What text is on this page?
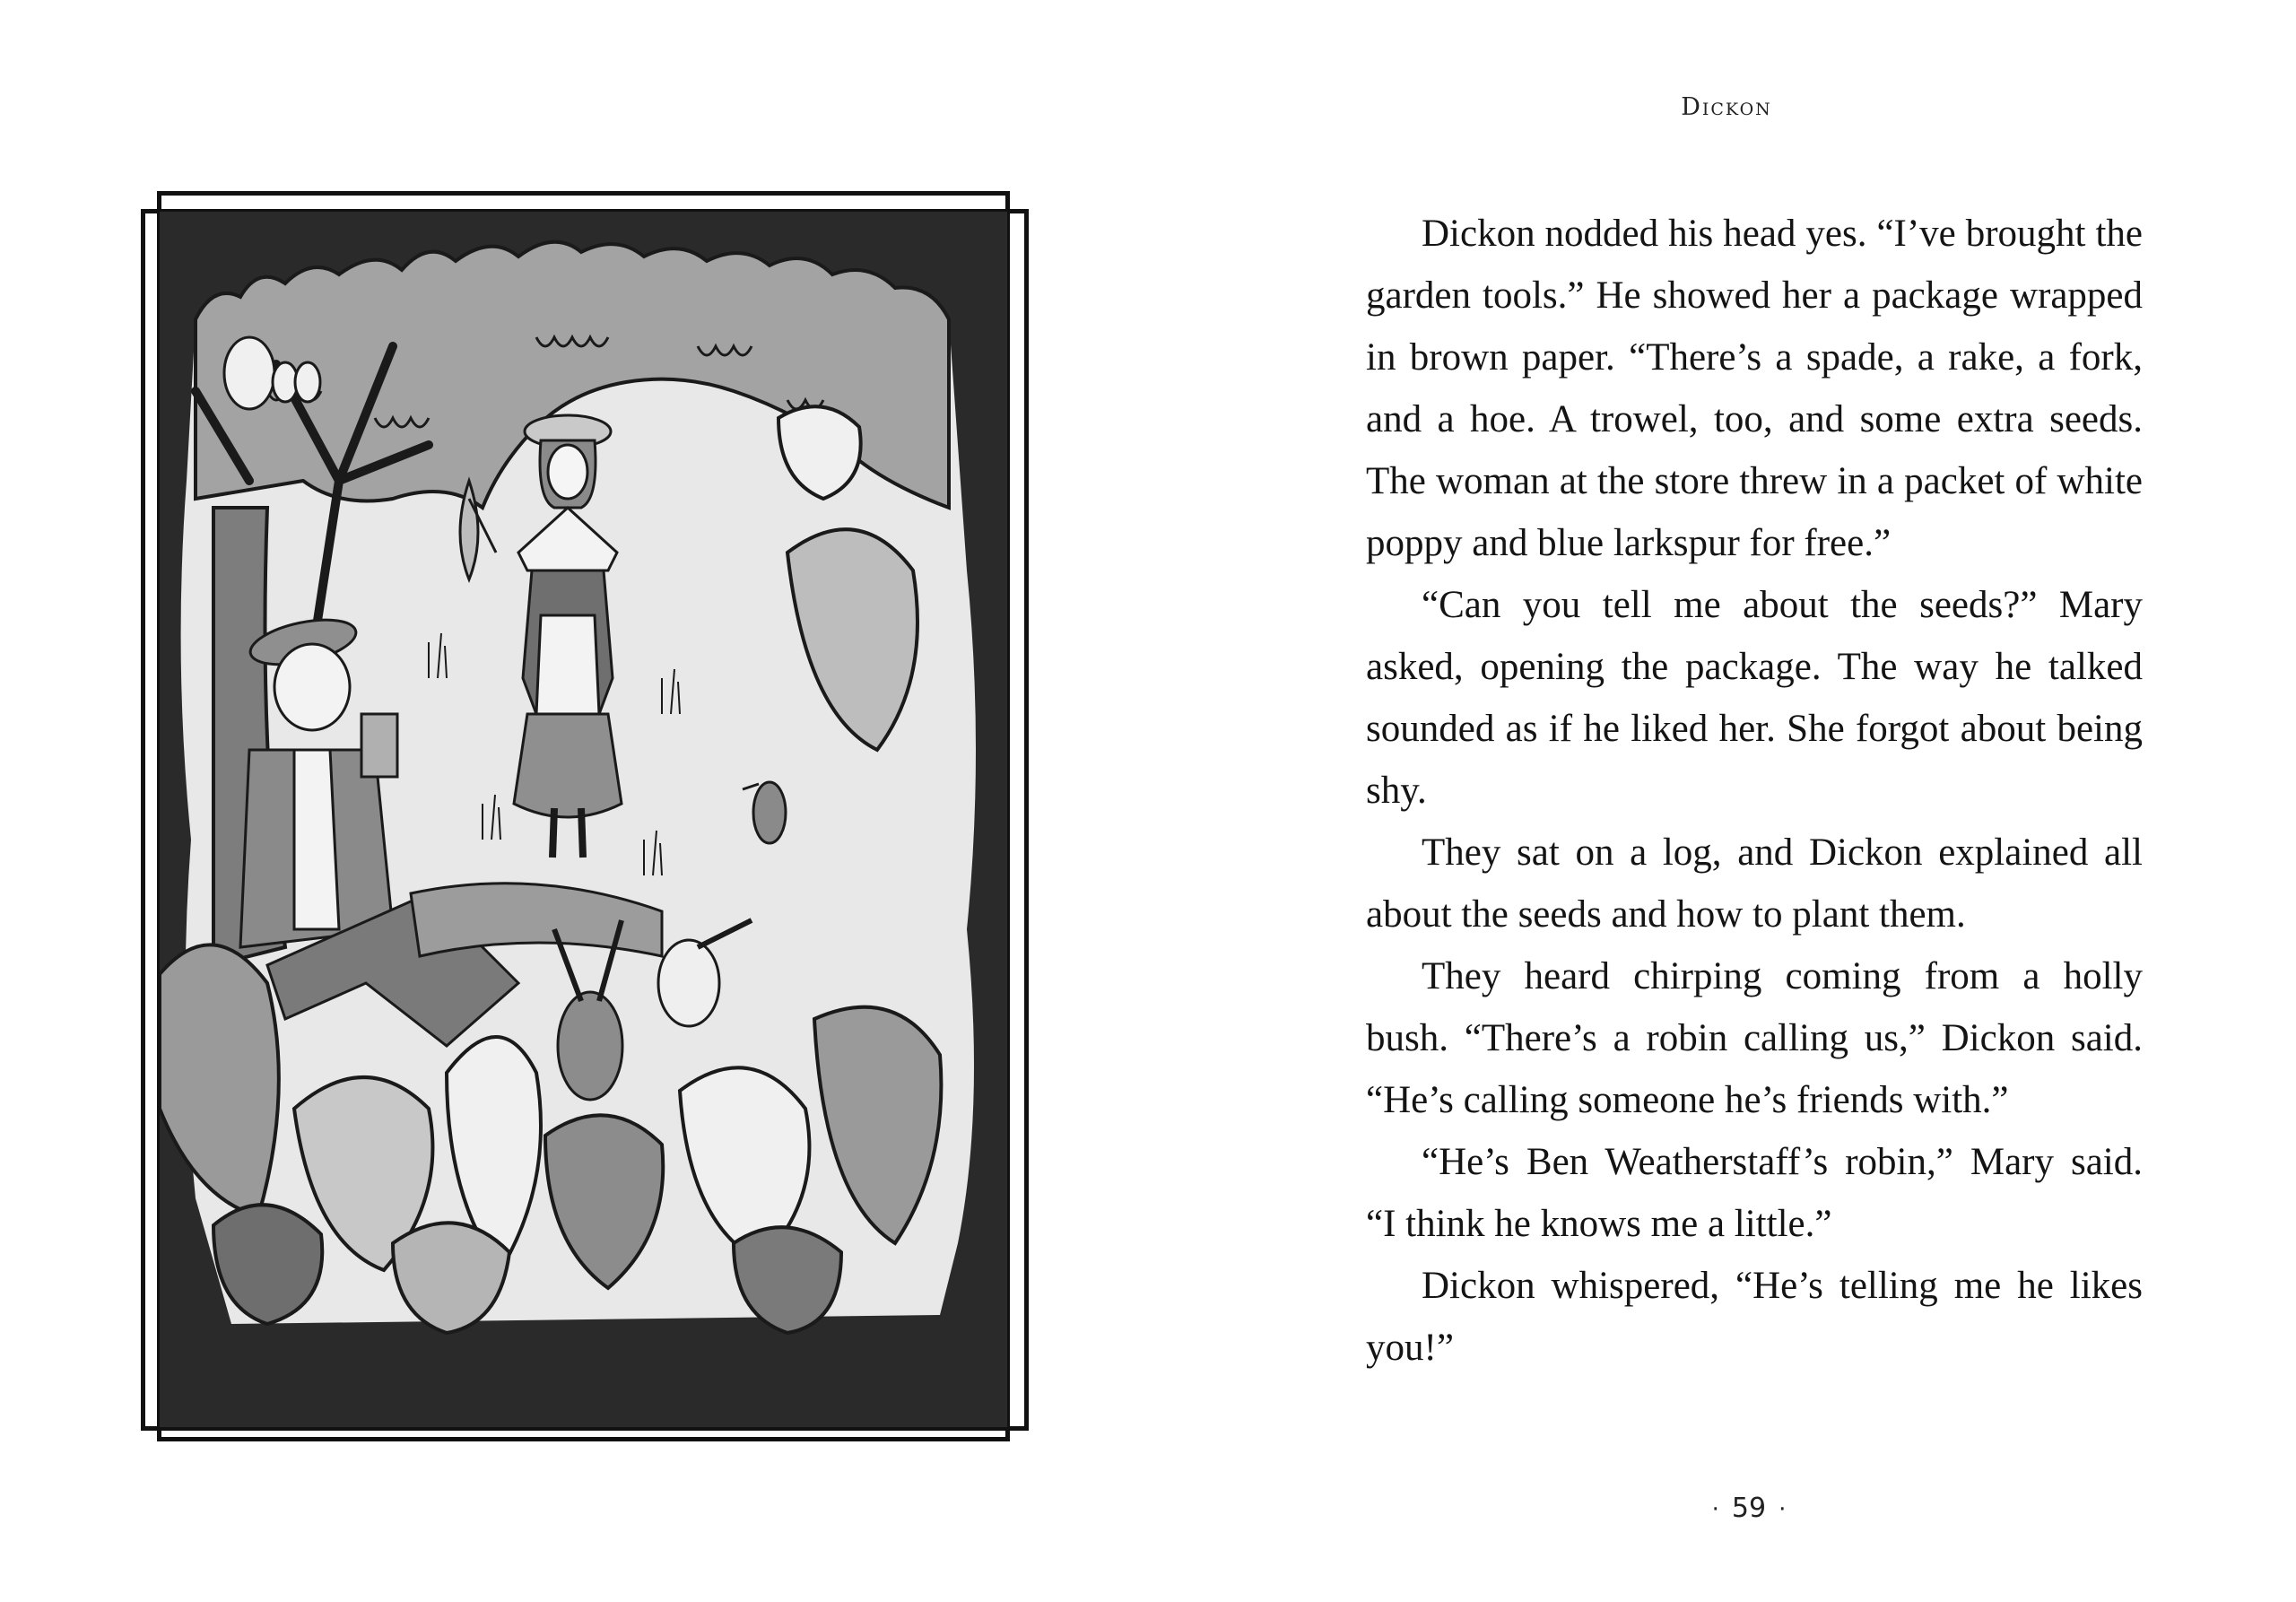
Dickon

Dickon nodded his head yes. “I’ve brought the garden tools.” He showed her a package wrapped in brown paper. “There’s a spade, a rake, a fork, and a hoe. A trowel, too, and some extra seeds. The woman at the store threw in a packet of white poppy and blue larkspur for free.”

“Can you tell me about the seeds?” Mary asked, opening the package. The way he talked sounded as if he liked her. She forgot about being shy.

They sat on a log, and Dickon explained all about the seeds and how to plant them.

They heard chirping coming from a holly bush. “There’s a robin calling us,” Dickon said. “He’s calling someone he’s friends with.”

“He’s Ben Weatherstaff’s robin,” Mary said. “I think he knows me a little.”

Dickon whispered, “He’s telling me he likes you!”

· 59 ·
